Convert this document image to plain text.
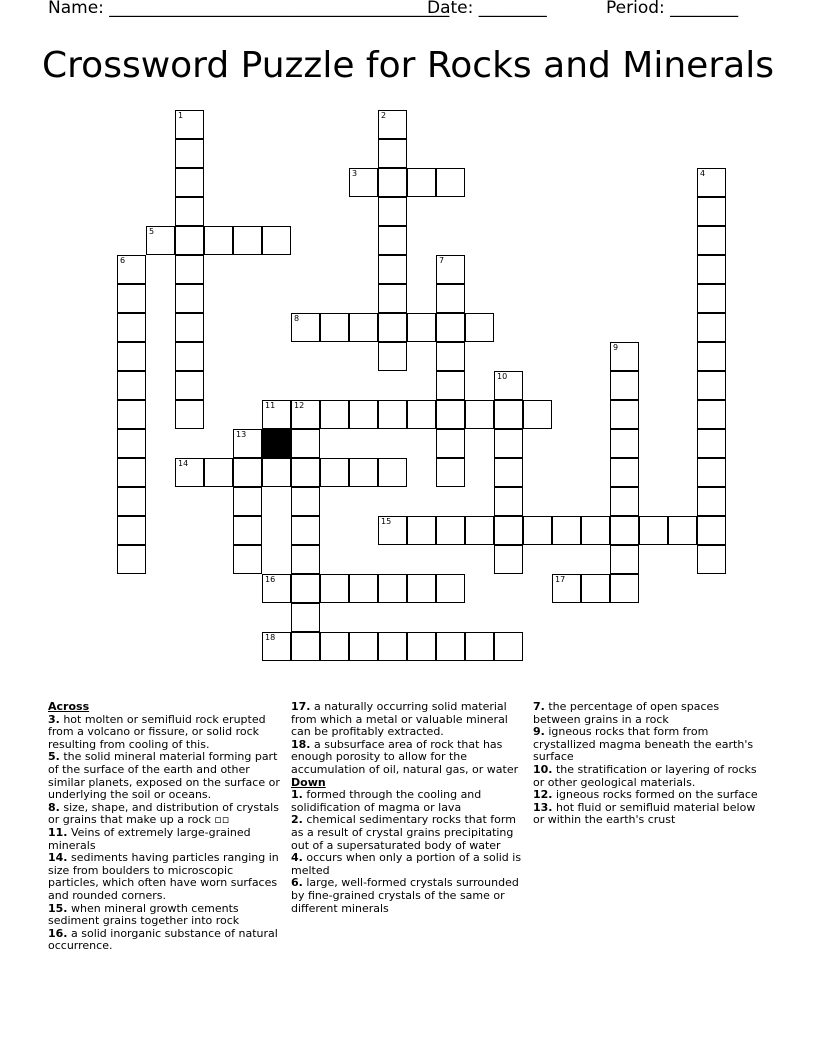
Name: ________________________________________

Date: ________

	Period: ________

Crossword Puzzle for Rocks and Minerals
1	2
3	4
5
6	7
8
9
10
11 12
13
14
15
16	17
18

Across

3. hot molten or semifluid rock erupted from a volcano or fissure, or solid rock resulting from cooling of this.

5. the solid mineral material forming part of the surface of the earth and other similar planets, exposed on the surface or underlying the soil or oceans.

8. size, shape, and distribution of crystals or grains that make up a rock ▫▫

11. Veins of extremely large-grained minerals

14. sediments having particles ranging in size from boulders to microscopic particles, which often have worn surfaces and rounded corners.

15. when mineral growth cements sediment grains together into rock

16. a solid inorganic substance of natural occurrence.

17. a naturally occurring solid material from which a metal or valuable mineral can be profitably extracted.

18. a subsurface area of rock that has enough porosity to allow for the accumulation of oil, natural gas, or water

Down

1. formed through the cooling and solidification of magma or lava

2. chemical sedimentary rocks that form as a result of crystal grains precipitating out of a supersaturated body of water

4. occurs when only a portion of a solid is melted

6. large, well-formed crystals surrounded by fine-grained crystals of the same or different minerals

7. the percentage of open spaces between grains in a rock

9. igneous rocks that form from crystallized magma beneath the earth's surface

10. the stratification or layering of rocks or other geological materials.

12. igneous rocks formed on the surface

13. hot fluid or semifluid material below or within the earth's crust
